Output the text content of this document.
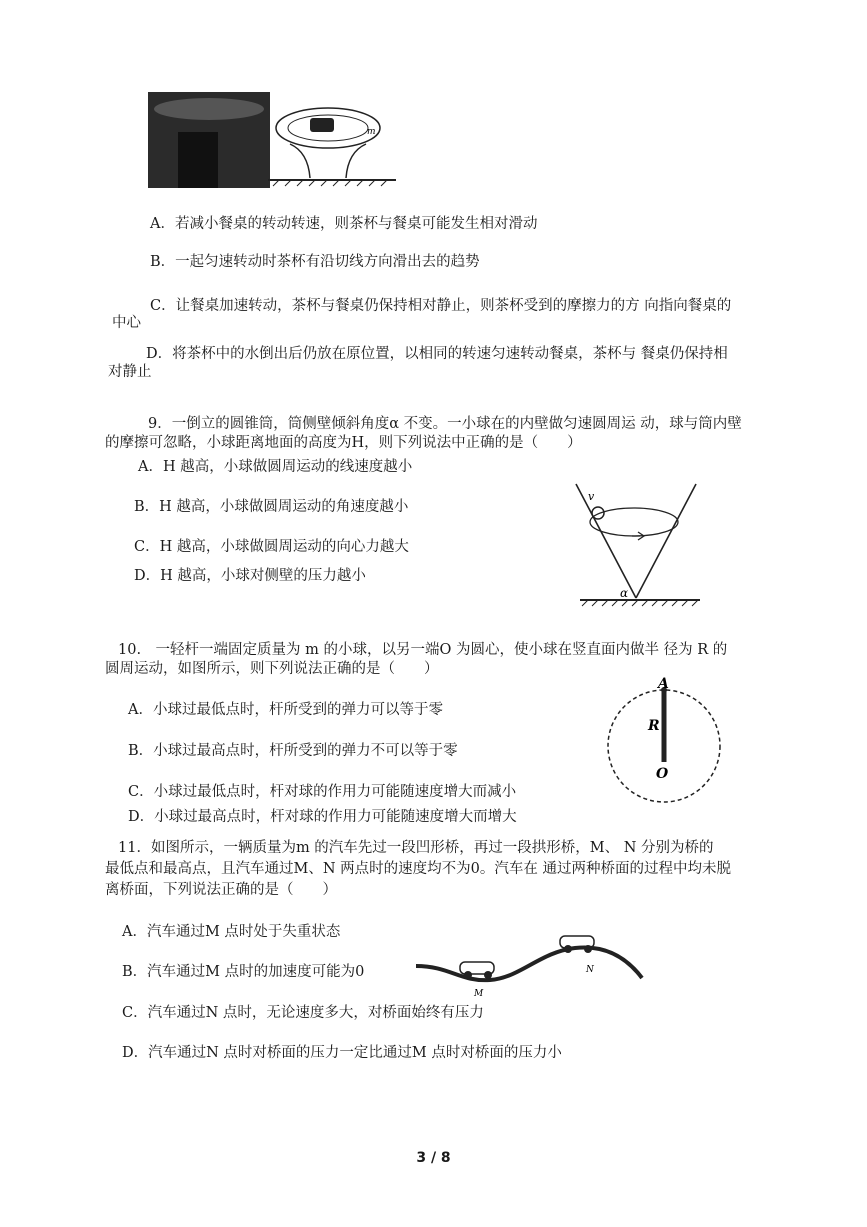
m
A．若减小餐桌的转动转速，则茶杯与餐桌可能发生相对滑动
B．一起匀速转动时茶杯有沿切线方向滑出去的趋势
C．让餐桌加速转动，茶杯与餐桌仍保持相对静止，则茶杯受到的摩擦力的方 向指向餐桌的
中心
D．将茶杯中的水倒出后仍放在原位置，以相同的转速匀速转动餐桌，茶杯与 餐桌仍保持相
对静止
9．一倒立的圆锥筒，筒侧壁倾斜角度α 不变。一小球在的内壁做匀速圆周运 动，球与筒内壁
的摩擦可忽略，小球距离地面的高度为H，则下列说法中正确的是（　　）
A．H 越高，小球做圆周运动的线速度越小
B．H 越高，小球做圆周运动的角速度越小
C．H 越高，小球做圆周运动的向心力越大
D．H 越高，小球对侧壁的压力越小
v
α
10.　一轻杆一端固定质量为 m 的小球，以另一端O 为圆心，使小球在竖直面内做半 径为 R 的
圆周运动，如图所示，则下列说法正确的是（　　）
A．小球过最低点时，杆所受到的弹力可以等于零
B．小球过最高点时，杆所受到的弹力不可以等于零
C．小球过最低点时，杆对球的作用力可能随速度增大而减小
D．小球过最高点时，杆对球的作用力可能随速度增大而增大
A
R
O
11．如图所示，一辆质量为m 的汽车先过一段凹形桥，再过一段拱形桥，M、 N 分别为桥的
最低点和最高点，且汽车通过M、N 两点时的速度均不为0。汽车在 通过两种桥面的过程中均未脱
离桥面，下列说法正确的是（　　）
A．汽车通过M 点时处于失重状态
B．汽车通过M 点时的加速度可能为0
C．汽车通过N 点时，无论速度多大，对桥面始终有压力
D．汽车通过N 点时对桥面的压力一定比通过M 点时对桥面的压力小
M
N
3 / 8
